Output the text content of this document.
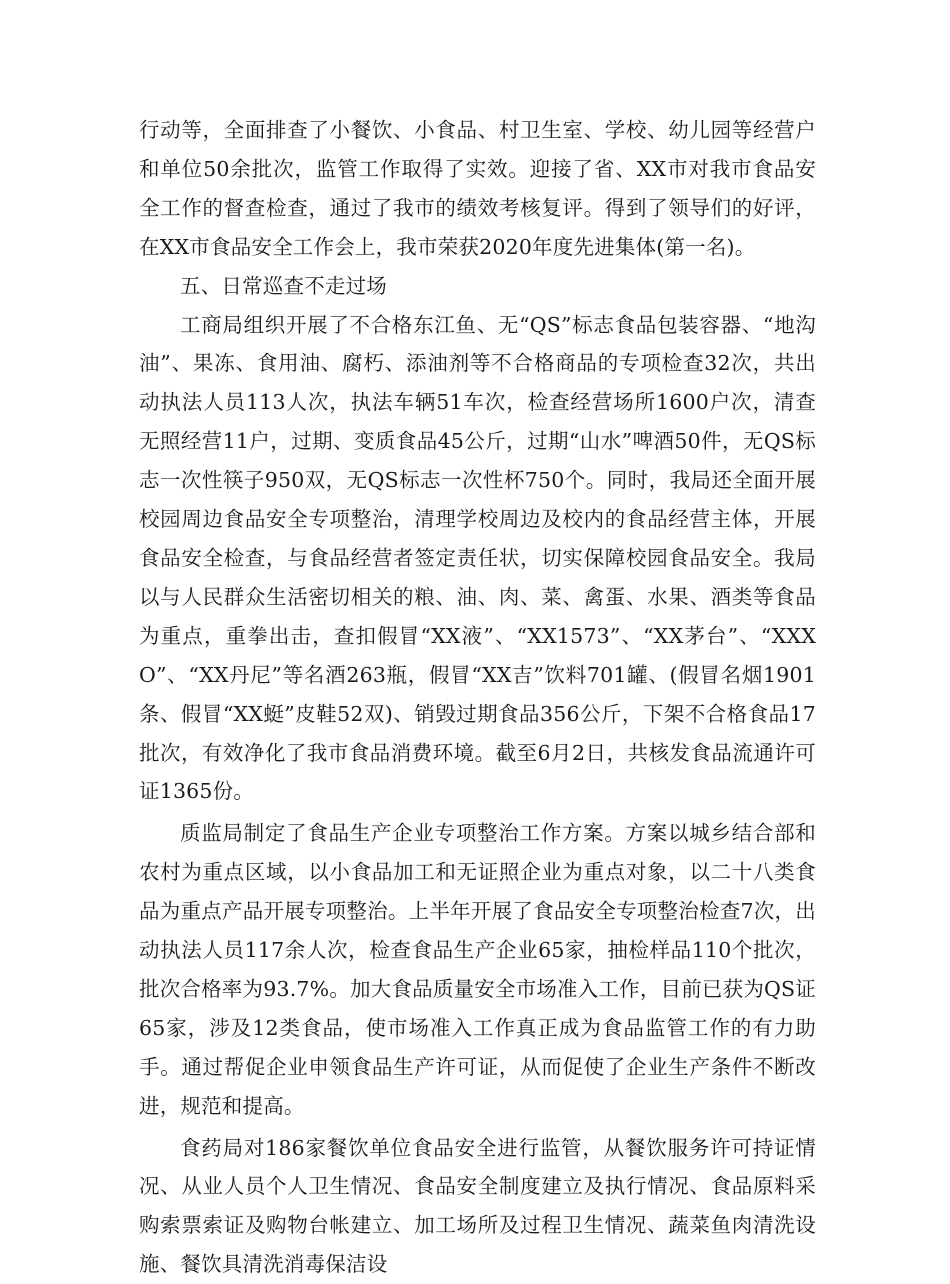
行动等，全面排查了小餐饮、小食品、村卫生室、学校、幼儿园等经营户和单位50余批次，监管工作取得了实效。迎接了省、XX市对我市食品安全工作的督查检查，通过了我市的绩效考核复评。得到了领导们的好评，在XX市食品安全工作会上，我市荣获2020年度先进集体(第一名)。

五、日常巡查不走过场

工商局组织开展了不合格东江鱼、无“QS”标志食品包装容器、“地沟油”、果冻、食用油、腐朽、添油剂等不合格商品的专项检查32次，共出动执法人员113人次，执法车辆51车次，检查经营场所1600户次，清查无照经营11户，过期、变质食品45公斤，过期“山水”啤酒50件，无QS标志一次性筷子950双，无QS标志一次性杯750个。同时，我局还全面开展校园周边食品安全专项整治，清理学校周边及校内的食品经营主体，开展食品安全检查，与食品经营者签定责任状，切实保障校园食品安全。我局以与人民群众生活密切相关的粮、油、肉、菜、禽蛋、水果、酒类等食品为重点，重拳出击，查扣假冒“XX液”、“XX1573”、“XX茅台”、“XXXO”、“XX丹尼”等名酒263瓶，假冒“XX吉”饮料701罐、(假冒名烟1901条、假冒“XX蜓”皮鞋52双)、销毁过期食品356公斤，下架不合格食品17批次，有效净化了我市食品消费环境。截至6月2日，共核发食品流通许可证1365份。

质监局制定了食品生产企业专项整治工作方案。方案以城乡结合部和农村为重点区域，以小食品加工和无证照企业为重点对象，以二十八类食品为重点产品开展专项整治。上半年开展了食品安全专项整治检查7次，出动执法人员117余人次，检查食品生产企业65家，抽检样品110个批次，批次合格率为93.7%。加大食品质量安全市场准入工作，目前已获为QS证65家，涉及12类食品，使市场准入工作真正成为食品监管工作的有力助手。通过帮促企业申领食品生产许可证，从而促使了企业生产条件不断改进，规范和提高。

食药局对186家餐饮单位食品安全进行监管，从餐饮服务许可持证情况、从业人员个人卫生情况、食品安全制度建立及执行情况、食品原料采购索票索证及购物台帐建立、加工场所及过程卫生情况、蔬菜鱼肉清洗设施、餐饮具清洗消毒保洁设
